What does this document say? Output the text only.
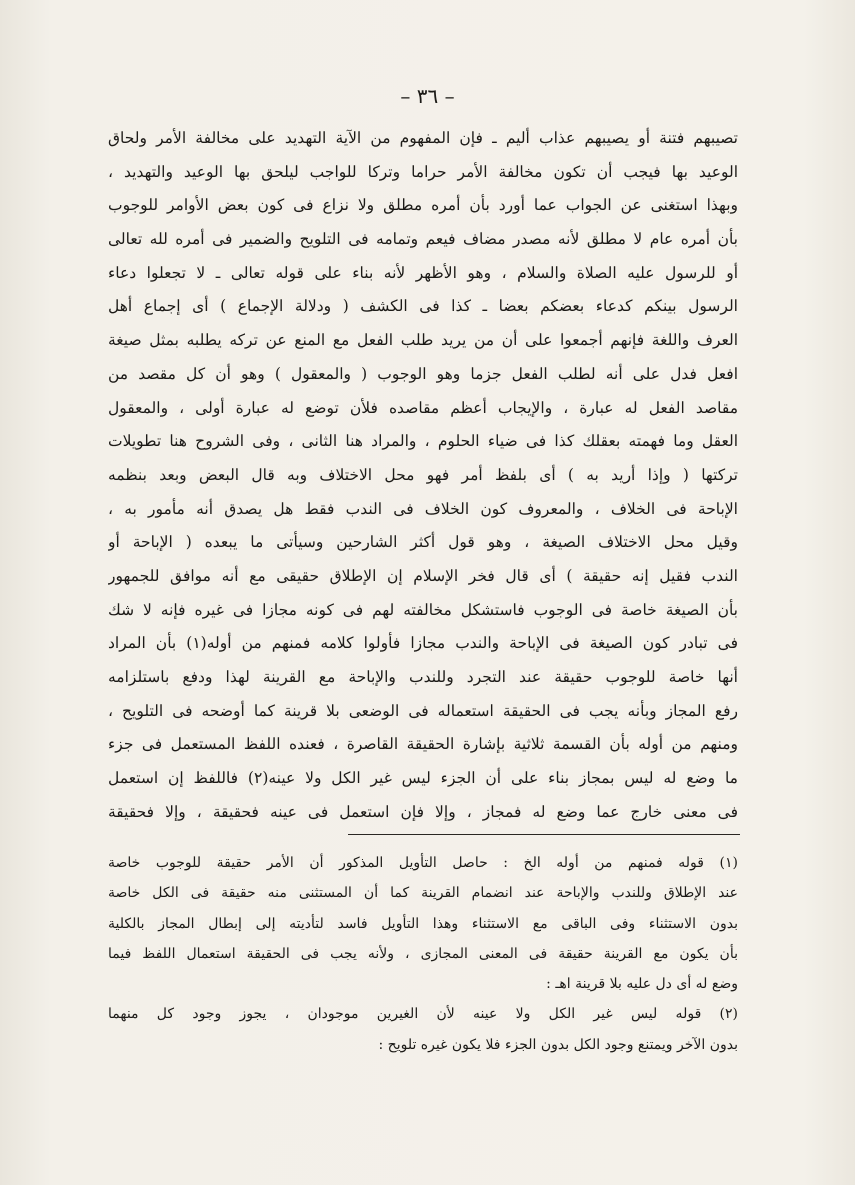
– ٣٦ –
تصيبهم فتنة أو يصيبهم عذاب أليم ـ فإن المفهوم من الآية التهديد على مخالفة الأمر ولحاق
الوعيد بها فيجب أن تكون مخالفة الأمر حراما وتركا للواجب ليلحق بها الوعيد والتهديد ،
وبهذا استغنى عن الجواب عما أورد بأن أمره مطلق ولا نزاع فى كون بعض الأوامر للوجوب
بأن أمره عام لا مطلق لأنه مصدر مضاف فيعم وتمامه فى التلويح والضمير فى أمره لله تعالى
أو للرسول عليه الصلاة والسلام ، وهو الأظهر لأنه بناء على قوله تعالى ـ لا تجعلوا دعاء
الرسول بينكم كدعاء بعضكم بعضا ـ كذا فى الكشف ( ودلالة الإجماع ) أى إجماع أهل
العرف واللغة فإنهم أجمعوا على أن من يريد طلب الفعل مع المنع عن تركه يطلبه بمثل صيغة
افعل فدل على أنه لطلب الفعل جزما وهو الوجوب ( والمعقول ) وهو أن كل مقصد من
مقاصد الفعل له عبارة ، والإيجاب أعظم مقاصده فلأن توضع له عبارة أولى ، والمعقول
العقل وما فهمته بعقلك كذا فى ضياء الحلوم ، والمراد هنا الثانى ، وفى الشروح هنا تطويلات
تركتها ( وإذا أريد به ) أى بلفظ أمر فهو محل الاختلاف وبه قال البعض وبعد بنظمه
الإباحة فى الخلاف ، والمعروف كون الخلاف فى الندب فقط هل يصدق أنه مأمور به ،
وقيل محل الاختلاف الصيغة ، وهو قول أكثر الشارحين وسيأتى ما يبعده ( الإباحة أو
الندب فقيل إنه حقيقة ) أى قال فخر الإسلام إن الإطلاق حقيقى مع أنه موافق للجمهور
بأن الصيغة خاصة فى الوجوب فاستشكل مخالفته لهم فى كونه مجازا فى غيره فإنه لا شك
فى تبادر كون الصيغة فى الإباحة والندب مجازا فأولوا كلامه فمنهم من أوله(١) بأن المراد
أنها خاصة للوجوب حقيقة عند التجرد وللندب والإباحة مع القرينة لهذا ودفع باستلزامه
رفع المجاز وبأنه يجب فى الحقيقة استعماله فى الوضعى بلا قرينة كما أوضحه فى التلويح ،
ومنهم من أوله بأن القسمة ثلاثية بإشارة الحقيقة القاصرة ، فعنده اللفظ المستعمل فى جزء
ما وضع له ليس بمجاز بناء على أن الجزء ليس غير الكل ولا عينه(٢) فاللفظ إن استعمل
فى معنى خارج عما وضع له فمجاز ، وإلا فإن استعمل فى عينه فحقيقة ، وإلا فحقيقة
(١) قوله فمنهم من أوله الخ : حاصل التأويل المذكور أن الأمر حقيقة للوجوب خاصة
عند الإطلاق وللندب والإباحة عند انضمام القرينة كما أن المستثنى منه حقيقة فى الكل خاصة
بدون الاستثناء وفى الباقى مع الاستثناء وهذا التأويل فاسد لتأديته إلى إبطال المجاز بالكلية
بأن يكون مع القرينة حقيقة فى المعنى المجازى ، ولأنه يجب فى الحقيقة استعمال اللفظ فيما
وضع له أى دل عليه بلا قرينة اهـ :
(٢) قوله ليس غير الكل ولا عينه لأن الغيرين موجودان ، يجوز وجود كل منهما
بدون الآخر ويمتنع وجود الكل بدون الجزء فلا يكون غيره تلويح :
